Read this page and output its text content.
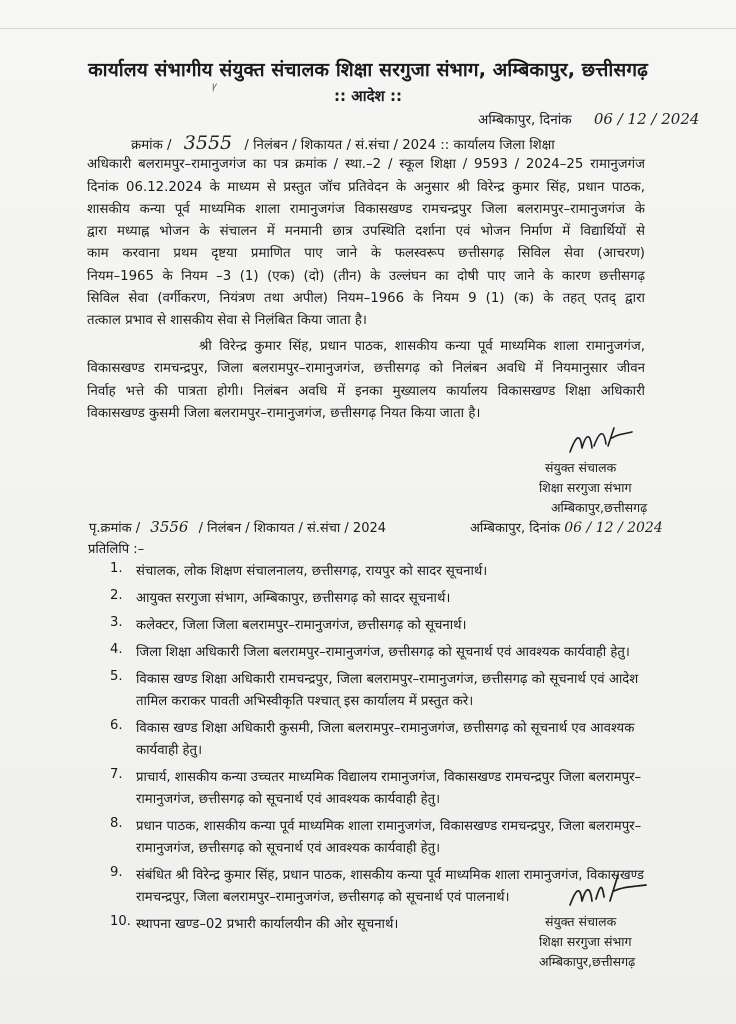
कार्यालय संभागीय संयुक्त संचालक शिक्षा सरगुजा संभाग, अम्बिकापुर, छत्तीसगढ़
ꝩ
:: आदेश ::
अम्बिकापुर, दिनांक 06 / 12 / 2024
क्रमांक / 3555 / निलंबन / शिकायत / सं.संचा / 2024 :: कार्यालय जिला शिक्षा
अधिकारी बलरामपुर–रामानुजगंज का पत्र क्रमांक / स्था.–2 / स्कूल शिक्षा / 9593 / 2024–25 रामानुजगंज
दिनांक 06.12.2024 के माध्यम से प्रस्तुत जॉच प्रतिवेदन के अनुसार श्री विरेन्द्र कुमार सिंह, प्रधान पाठक,
शासकीय कन्या पूर्व माध्यमिक शाला रामानुजगंज विकासखण्ड रामचन्द्रपुर जिला बलरामपुर–रामानुजगंज के
द्वारा मध्याह्न भोजन के संचालन में मनमानी छात्र उपस्थिति दर्शाना एवं भोजन निर्माण में विद्यार्थियों से
काम करवाना प्रथम दृष्टया प्रमाणित पाए जाने के फलस्वरूप छत्तीसगढ़ सिविल सेवा (आचरण)
नियम–1965 के नियम –3 (1) (एक) (दो) (तीन) के उल्लंघन का दोषी पाए जाने के कारण छत्तीसगढ़
सिविल सेवा (वर्गीकरण, नियंत्रण तथा अपील) नियम–1966 के नियम 9 (1) (क) के तहत् एतद् द्वारा
तत्काल प्रभाव से शासकीय सेवा से निलंबित किया जाता है।
श्री विरेन्द्र कुमार सिंह, प्रधान पाठक, शासकीय कन्या पूर्व माध्यमिक शाला रामानुजगंज,
विकासखण्ड रामचन्द्रपुर, जिला बलरामपुर–रामानुजगंज, छत्तीसगढ़ को निलंबन अवधि में नियमानुसार जीवन
निर्वाह भत्ते की पात्रता होगी। निलंबन अवधि में इनका मुख्यालय कार्यालय विकासखण्ड शिक्षा अधिकारी
विकासखण्ड कुसमी जिला बलरामपुर–रामानुजगंज, छत्तीसगढ़ नियत किया जाता है।
संयुक्त संचालक
शिक्षा सरगुजा संभाग
अम्बिकापुर,छत्तीसगढ़
पृ.क्रमांक / 3556 / निलंबन / शिकायत / सं.संचा / 2024	अम्बिकापुर, दिनांक 06 / 12 / 2024
प्रतिलिपि :–
1. संचालक, लोक शिक्षण संचालनालय, छत्तीसगढ़, रायपुर को सादर सूचनार्थ।
2. आयुक्त सरगुजा संभाग, अम्बिकापुर, छत्तीसगढ़ को सादर सूचनार्थ।
3. कलेक्टर, जिला जिला बलरामपुर–रामानुजगंज, छत्तीसगढ़ को सूचनार्थ।
4. जिला शिक्षा अधिकारी जिला बलरामपुर–रामानुजगंज, छत्तीसगढ़ को सूचनार्थ एवं आवश्यक कार्यवाही हेतु।
5. विकास खण्ड शिक्षा अधिकारी रामचन्द्रपुर, जिला बलरामपुर–रामानुजगंज, छत्तीसगढ़ को सूचनार्थ एवं आदेश तामिल कराकर पावती अभिस्वीकृति पश्चात् इस कार्यालय में प्रस्तुत करे।
6. विकास खण्ड शिक्षा अधिकारी कुसमी, जिला बलरामपुर–रामानुजगंज, छत्तीसगढ़ को सूचनार्थ एव आवश्यक कार्यवाही हेतु।
7. प्राचार्य, शासकीय कन्या उच्चतर माध्यमिक विद्यालय रामानुजगंज, विकासखण्ड रामचन्द्रपुर जिला बलरामपुर–रामानुजगंज, छत्तीसगढ़ को सूचनार्थ एवं आवश्यक कार्यवाही हेतु।
8. प्रधान पाठक, शासकीय कन्या पूर्व माध्यमिक शाला रामानुजगंज, विकासखण्ड रामचन्द्रपुर, जिला बलरामपुर–रामानुजगंज, छत्तीसगढ़ को सूचनार्थ एवं आवश्यक कार्यवाही हेतु।
9. संबंधित श्री विरेन्द्र कुमार सिंह, प्रधान पाठक, शासकीय कन्या पूर्व माध्यमिक शाला रामानुजगंज, विकासखण्ड रामचन्द्रपुर, जिला बलरामपुर–रामानुजगंज, छत्तीसगढ़ को सूचनार्थ एवं पालनार्थ।
10. स्थापना खण्ड–02 प्रभारी कार्यालयीन की ओर सूचनार्थ।	संयुक्त संचालक
शिक्षा सरगुजा संभाग
अम्बिकापुर,छत्तीसगढ़
